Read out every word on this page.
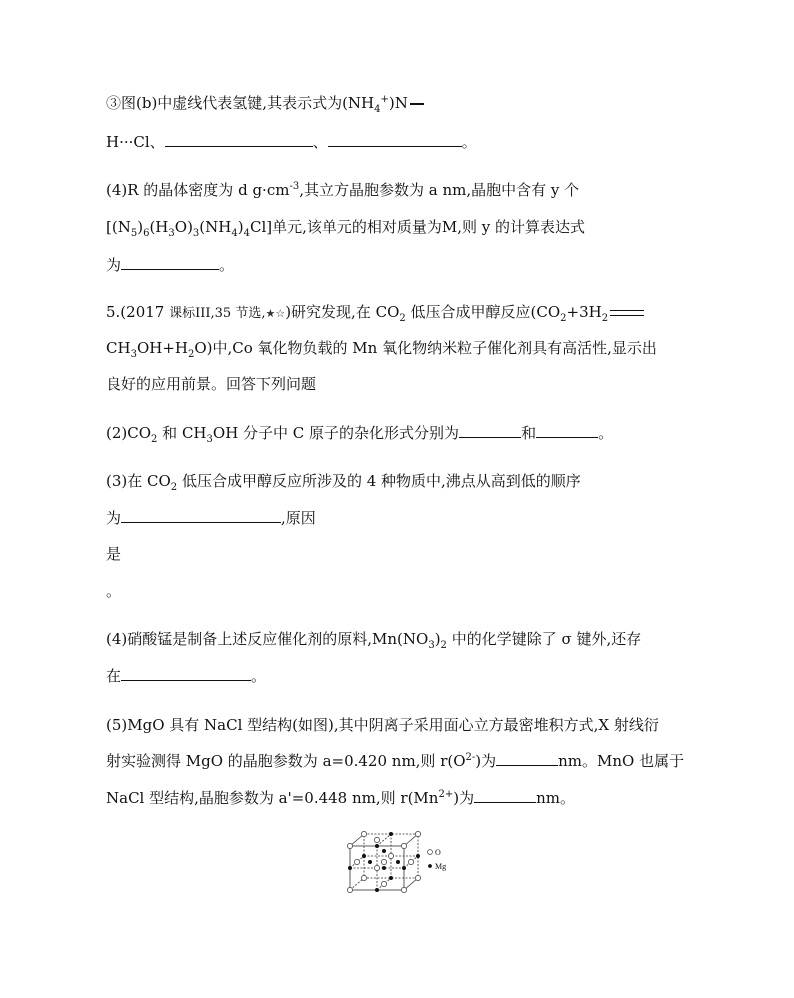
③图(b)中虚线代表氢键,其表示式为$(NH_4^+)N$
H···Cl、	、	。
(4)R 的晶体密度为 d $g\cdot cm^{-3}$,其立方晶胞参数为 a nm,晶胞中含有 y 个
$[(N_5)_6(H_3O)_3(NH_4)_4Cl]$单元,该单元的相对质量为M,则 y 的计算表达式
为	。
5.(2017 课标III,35 节选,★☆)研究发现,在 $CO_2$ 低压合成甲醇反应($CO_2+3H_2$
$CH_3OH+H_2O$)中,Co 氧化物负载的 Mn 氧化物纳米粒子催化剂具有高活性,显示出
良好的应用前景。回答下列问题
$(2)CO_2$ 和 $CH_3OH$ 分子中 C 原子的杂化形式分别为	和	。
(3)在 $CO_2$ 低压合成甲醇反应所涉及的 4 种物质中,沸点从高到低的顺序
为	,原因
是
。
(4)硝酸锰是制备上述反应催化剂的原料$,Mn(NO_3)_2$ 中的化学键除了 σ 键外,还存
在	。
(5)MgO 具有 NaCl 型结构(如图),其中阴离子采用面心立方最密堆积方式,X 射线衍
射实验测得 MgO 的晶胞参数为 a=0.420 nm,则 $r(O^{2-})$为	nm。MnO 也属于
NaCl 型结构,晶胞参数为 a'=0.448 nm,则 $r(Mn^{2+})$为	nm。
O
Mg
